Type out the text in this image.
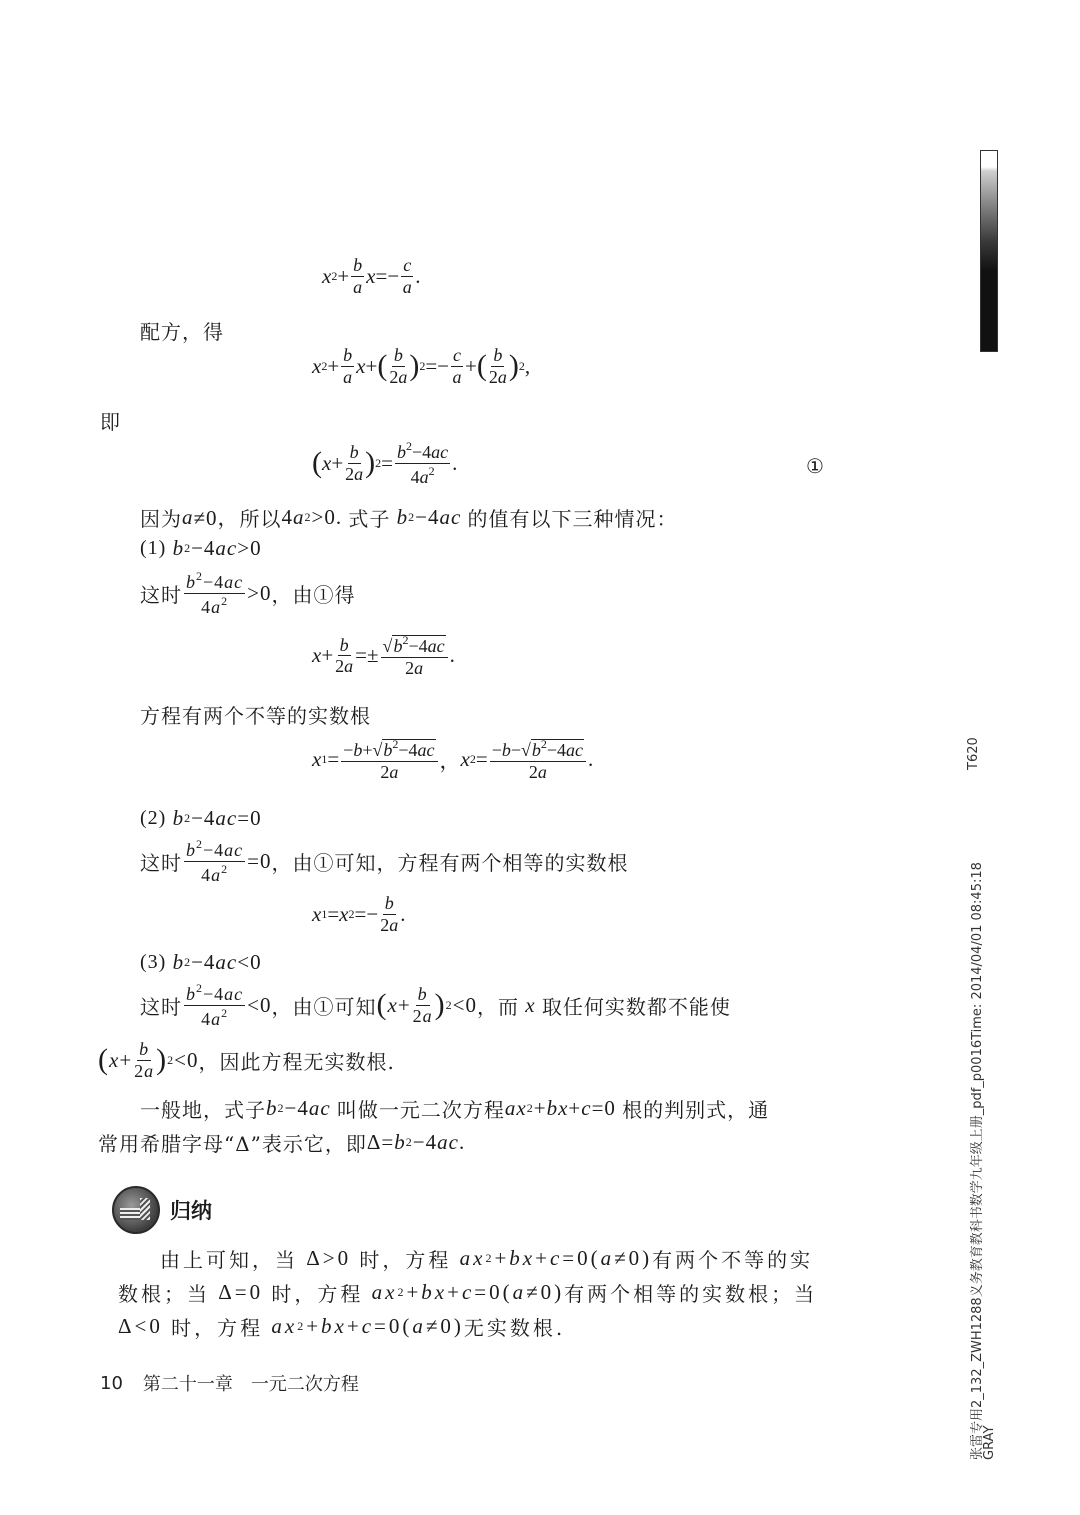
x $2 + \frac{b}{a}$ $x =- \frac{c}{a}$ .
配方，得
x $2 + \frac{b}{a}$ x + ( $\frac{b}{2a}$ ) $2 =- \frac{c}{a}$ + ( $\frac{b}{2a}$ ) 2 ,
即
( $x + \frac{b}{2a}$ ) $2 = \frac{b^2-4ac}{4a^2}$ .	①
因为 a ≠0， 所以 4 a 2 >0. 式子
b 2 −4 ac
的值有以下三种情况：
(1)
b 2 −4 ac >0
这时 $\frac{b^2-4ac}{4a^2} >0$ ，由①得
$x + \frac{b}{2a} =\pm \frac{√b^2-4ac}{2a}$ .
方程有两个不等的实数根
x $1 = \frac{-b+√b^2-4ac}{2a}$ ， x $2 = \frac{-b-√b^2-4ac}{2a}$ .
(2)
b 2 −4 ac =0
这时 $\frac{b^2-4ac}{4a^2} =0$ ，由①可知，方程有两个相等的实数根
x 1 = x $2 =- \frac{b}{2a}$ .
(3)
b 2 −4 ac <0
这时 $\frac{b^2-4ac}{4a^2} <0$ ，由①可知 ( $x + \frac{b}{2a}$ ) 2 <0 ，而
x
取任何实数都不能使
( $x + \frac{b}{2a}$ ) 2 <0 ，因此方程无实数根.
一般地，式子 b 2 −4 ac
叫做一元二次方程 ax 2 + bx + c =0 根的判别式，通
常用希腊字母“Δ”表示它，即 Δ= b 2 −4 ac .
归纳
由上可知，当 Δ>0 时，方程
ax 2 + bx + c =0( a ≠0) 有两个不等的实
数根；当 Δ=0 时，方程
ax 2 + bx + c =0( a ≠0) 有两个相等的实数根；当
Δ<0 时，方程
ax 2 + bx + c =0( a ≠0) 无实数根.
10 第二十一章 一元二次方程
T620
张雷专用2_132_ZWH1288义务教育教科书数学九年级上册_pdf_p0016Time: 2014/04/01 08:45:18
GRAY
